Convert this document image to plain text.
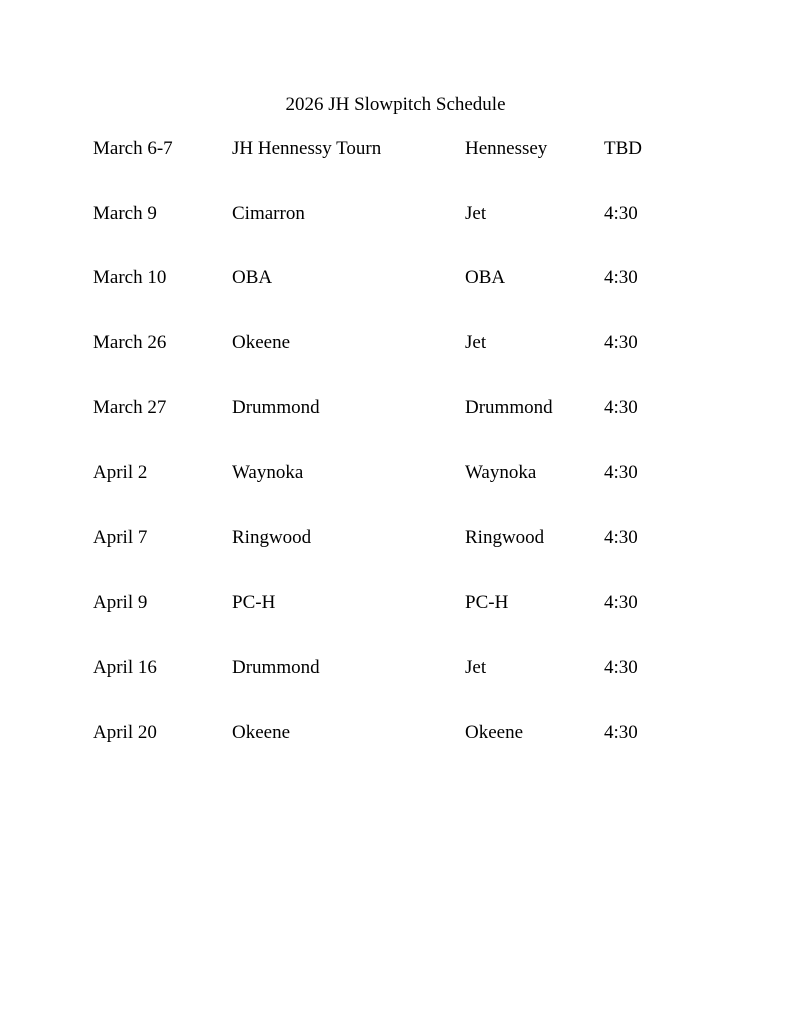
2026 JH Slowpitch Schedule
March 6-7	JH Hennessy Tourn	Hennessey	TBD
March 9	Cimarron	Jet	4:30
March 10	OBA	OBA	4:30
March 26	Okeene	Jet	4:30
March 27	Drummond	Drummond	4:30
April 2	Waynoka	Waynoka	4:30
April 7	Ringwood	Ringwood	4:30
April 9	PC-H	PC-H	4:30
April 16	Drummond	Jet	4:30
April 20	Okeene	Okeene	4:30
